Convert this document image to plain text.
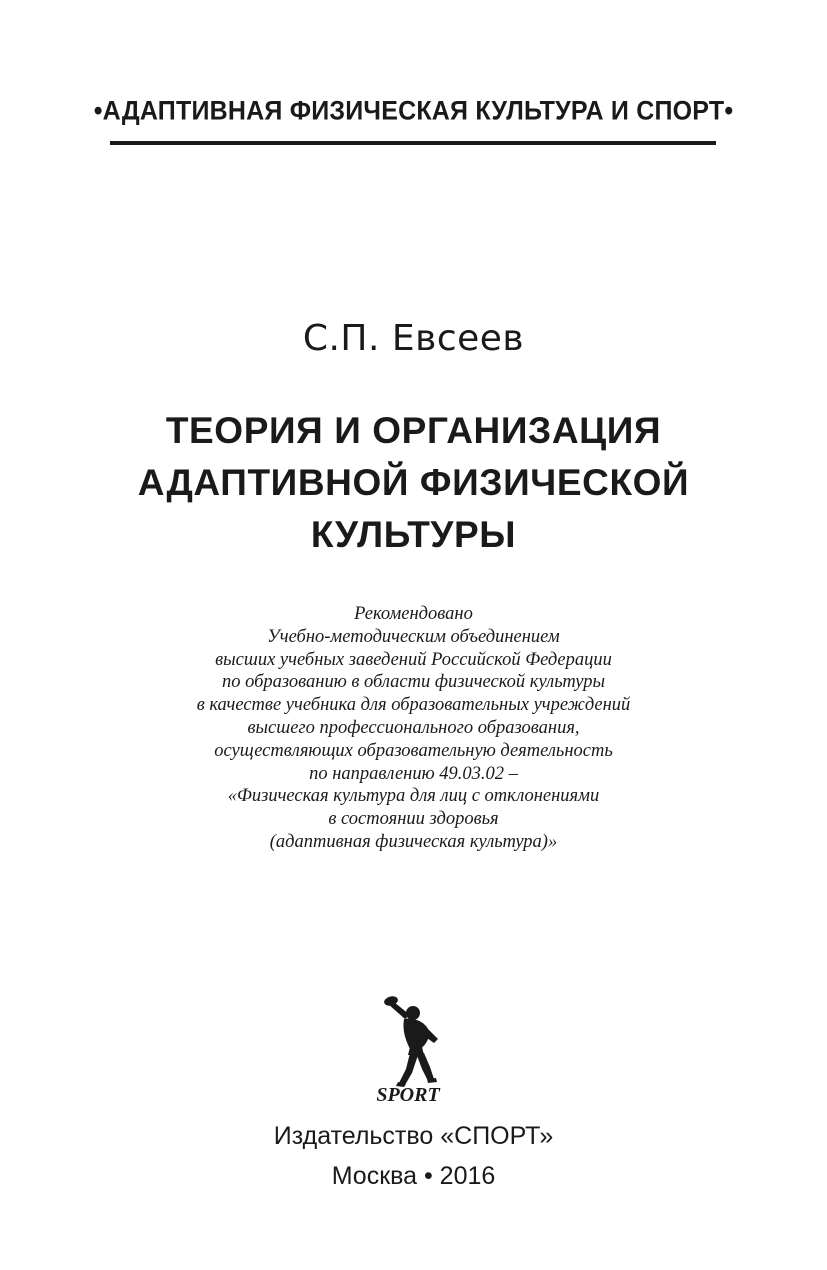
•АДАПТИВНАЯ ФИЗИЧЕСКАЯ КУЛЬТУРА И СПОРТ•
С.П. Евсеев
ТЕОРИЯ И ОРГАНИЗАЦИЯ
АДАПТИВНОЙ ФИЗИЧЕСКОЙ
КУЛЬТУРЫ
Рекомендовано
Учебно-методическим объединением
высших учебных заведений Российской Федерации
по образованию в области физической культуры
в качестве учебника для образовательных учреждений
высшего профессионального образования,
осуществляющих образовательную деятельность
по направлению 49.03.02 –
«Физическая культура для лиц с отклонениями
в состоянии здоровья
(адаптивная физическая культура)»
SPORT
Издательство «СПОРТ»
Москва • 2016
